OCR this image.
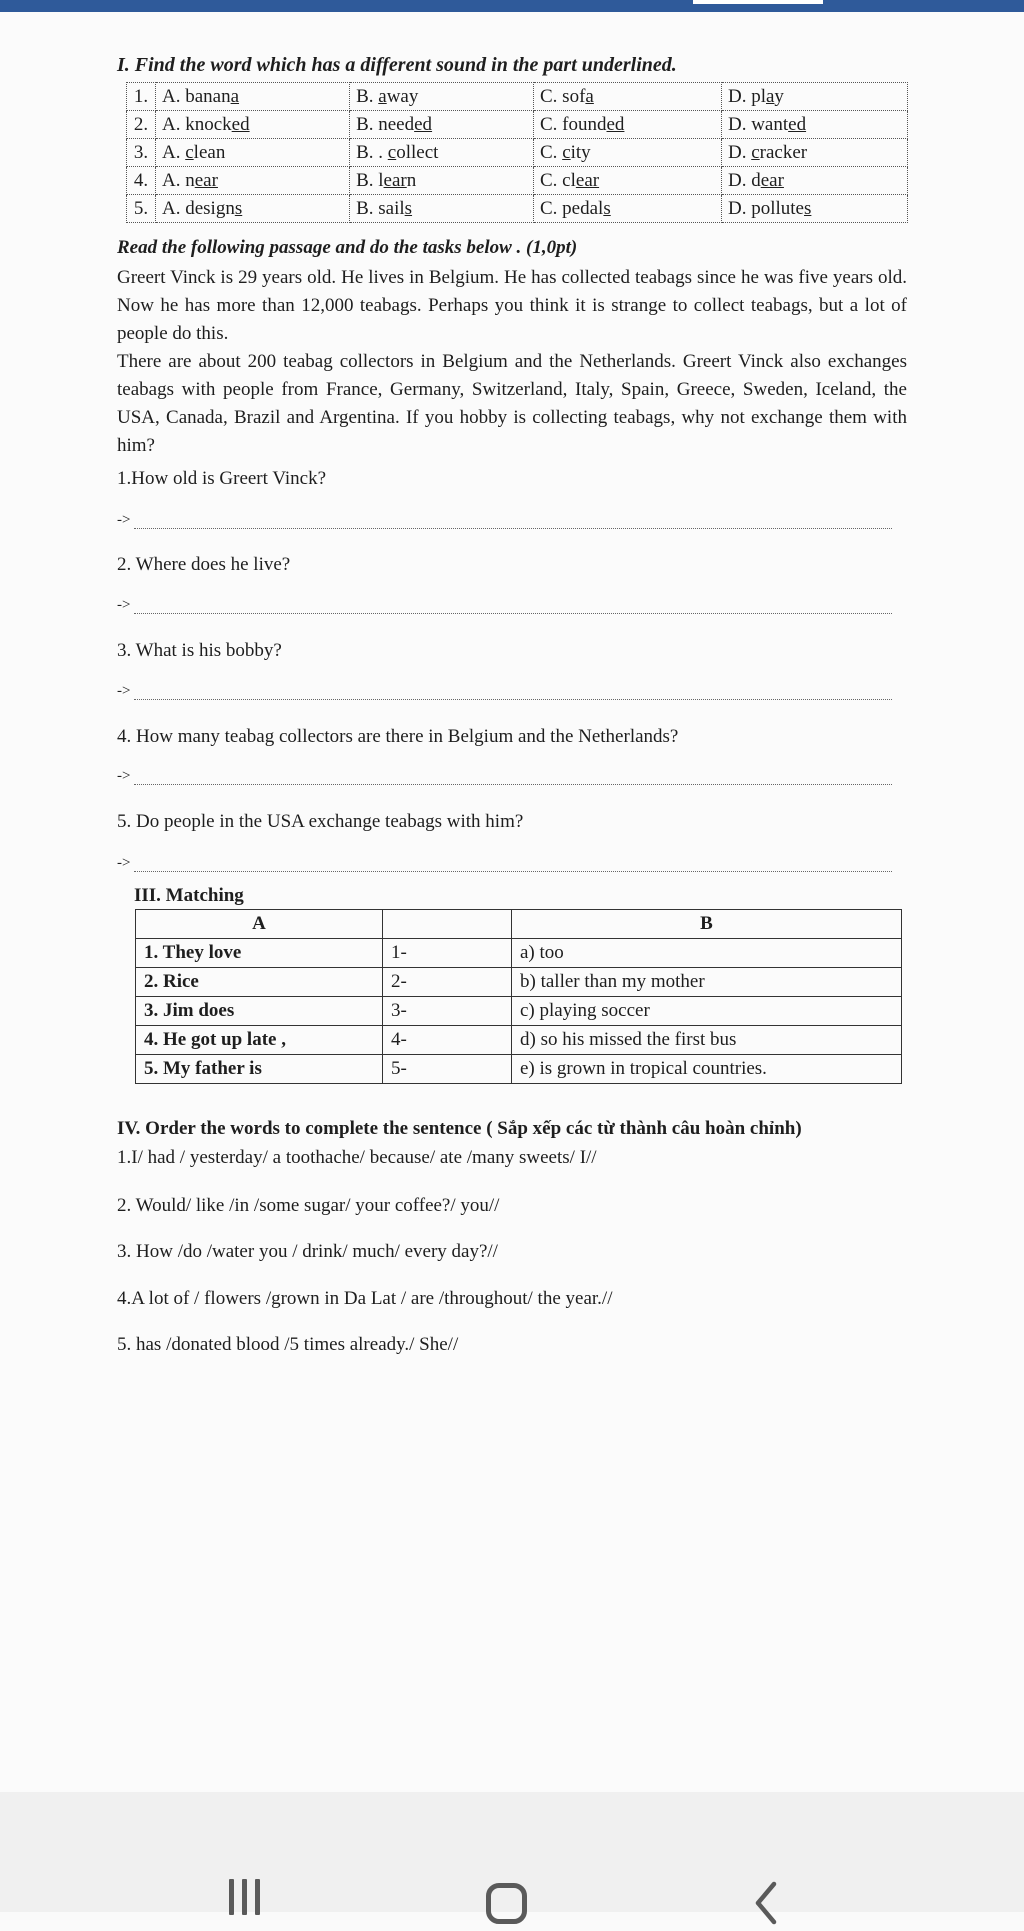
I. Find the word which has a different sound in the part underlined.
1.	A. banana	B. away	C. sofa	D. play
2.	A. knocked	B. needed	C. founded	D. wanted
3.	A. clean	B. . collect	C. city	D. cracker
4.	A. near	B. learn	C. clear	D. dear
5.	A. designs	B. sails	C. pedals	D. pollutes
Read the following passage and do the tasks below . (1,0pt)

Greert Vinck is 29 years old. He lives in Belgium. He has collected teabags since he was five years old. Now he has more than 12,000 teabags. Perhaps you think it is strange to collect teabags, but a lot of people do this.

There are about 200 teabag collectors in Belgium and the Netherlands. Greert Vinck also exchanges teabags with people from France, Germany, Switzerland, Italy, Spain, Greece, Sweden, Iceland, the USA, Canada, Brazil and Argentina. If you hobby is collecting teabags, why not exchange them with him?

1.How old is Greert Vinck?
->
2. Where does he live?
->
3. What is his bobby?
->
4. How many teabag collectors are there in Belgium and the Netherlands?
->
5. Do people in the USA exchange teabags with him?
->
III. Matching
A		B
1. They love	1-	a) too
2. Rice	2-	b) taller than my mother
3. Jim does	3-	c) playing soccer
4. He got up late ,	4-	d) so his missed the first bus
5. My father is	5-	e) is grown in tropical countries.
IV. Order the words to complete the sentence ( Sắp xếp các từ thành câu hoàn chỉnh)
1.I/ had / yesterday/ a toothache/ because/ ate /many sweets/ I//
2. Would/ like /in /some sugar/ your coffee?/ you//
3. How /do /water you / drink/ much/ every day?//
4.A lot of / flowers /grown in Da Lat / are /throughout/ the year.//
5. has /donated blood /5 times already./ She//
